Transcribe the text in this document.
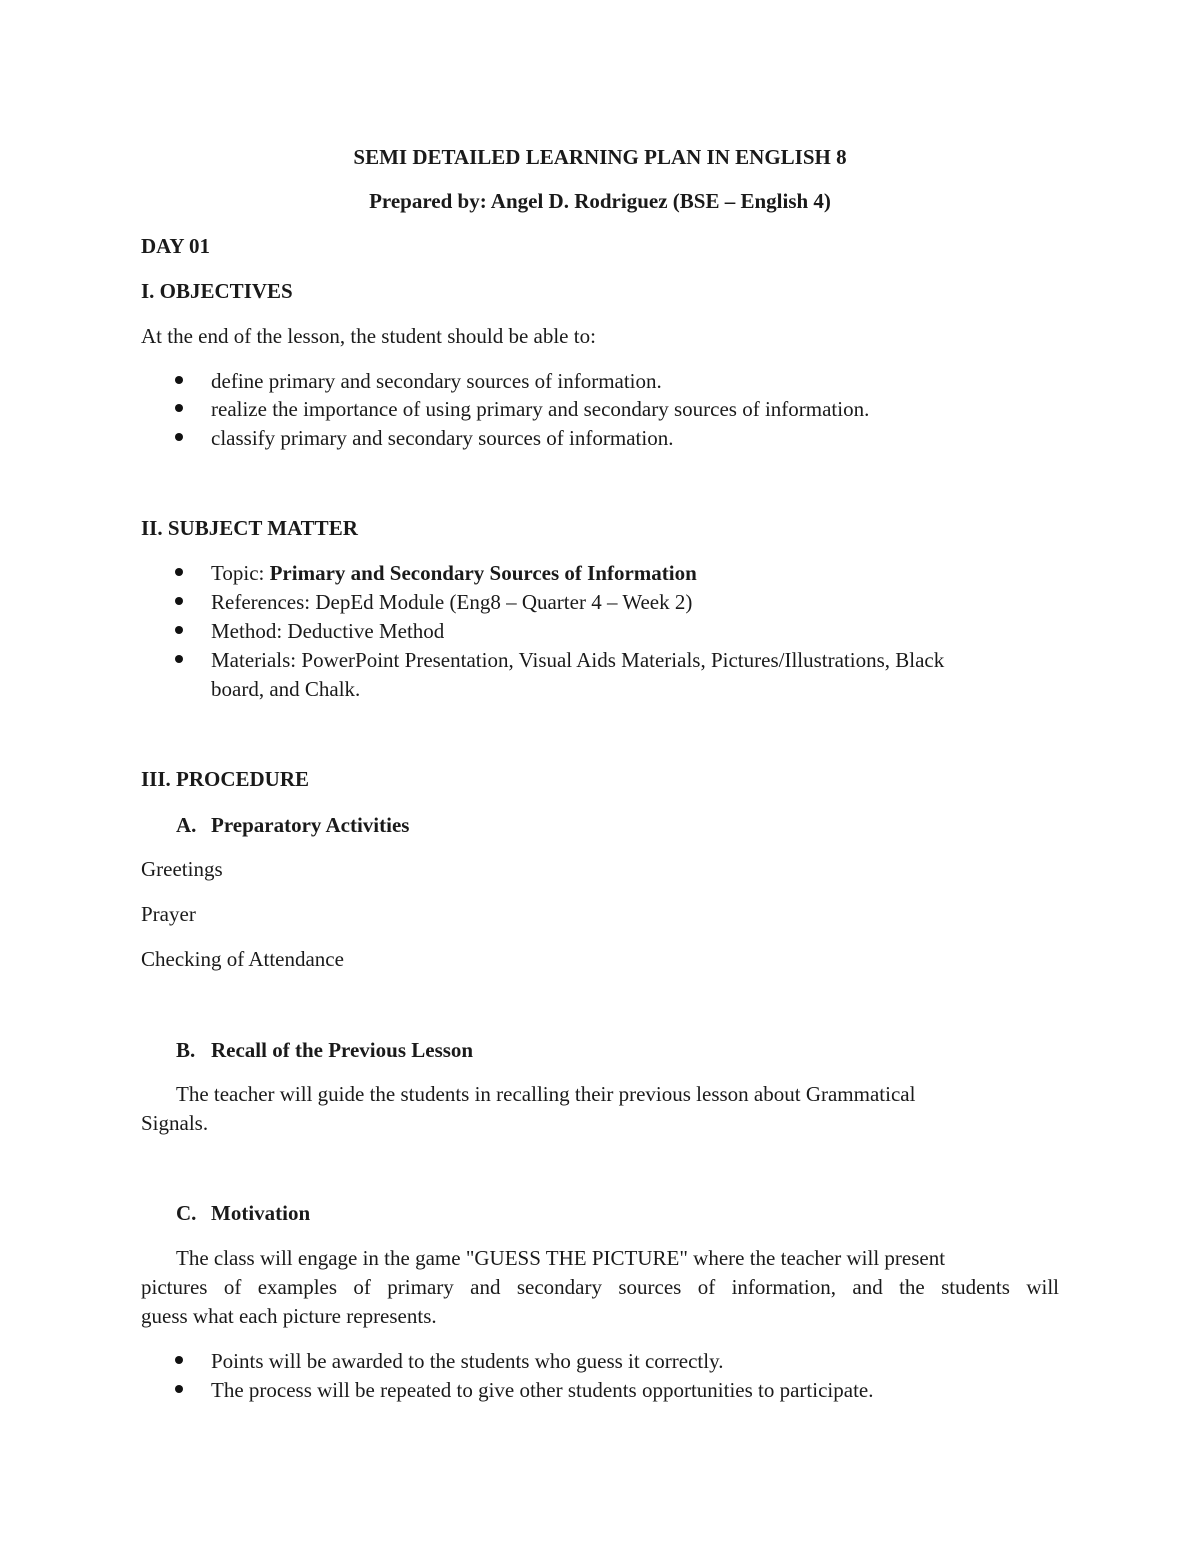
SEMI DETAILED LEARNING PLAN IN ENGLISH 8
Prepared by: Angel D. Rodriguez (BSE – English 4)
DAY 01
I. OBJECTIVES
At the end of the lesson, the student should be able to:
define primary and secondary sources of information.
realize the importance of using primary and secondary sources of information.
classify primary and secondary sources of information.
II. SUBJECT MATTER
Topic: Primary and Secondary Sources of Information
References: DepEd Module (Eng8 – Quarter 4 – Week 2)
Method: Deductive Method
Materials: PowerPoint Presentation, Visual Aids Materials, Pictures/Illustrations, Black
board, and Chalk.
III. PROCEDURE
A. Preparatory Activities
Greetings
Prayer
Checking of Attendance
B. Recall of the Previous Lesson
The teacher will guide the students in recalling their previous lesson about Grammatical
Signals.
C. Motivation
The class will engage in the game "GUESS THE PICTURE" where the teacher will present
pictures of examples of primary and secondary sources of information, and the students will
guess what each picture represents.
Points will be awarded to the students who guess it correctly.
The process will be repeated to give other students opportunities to participate.
